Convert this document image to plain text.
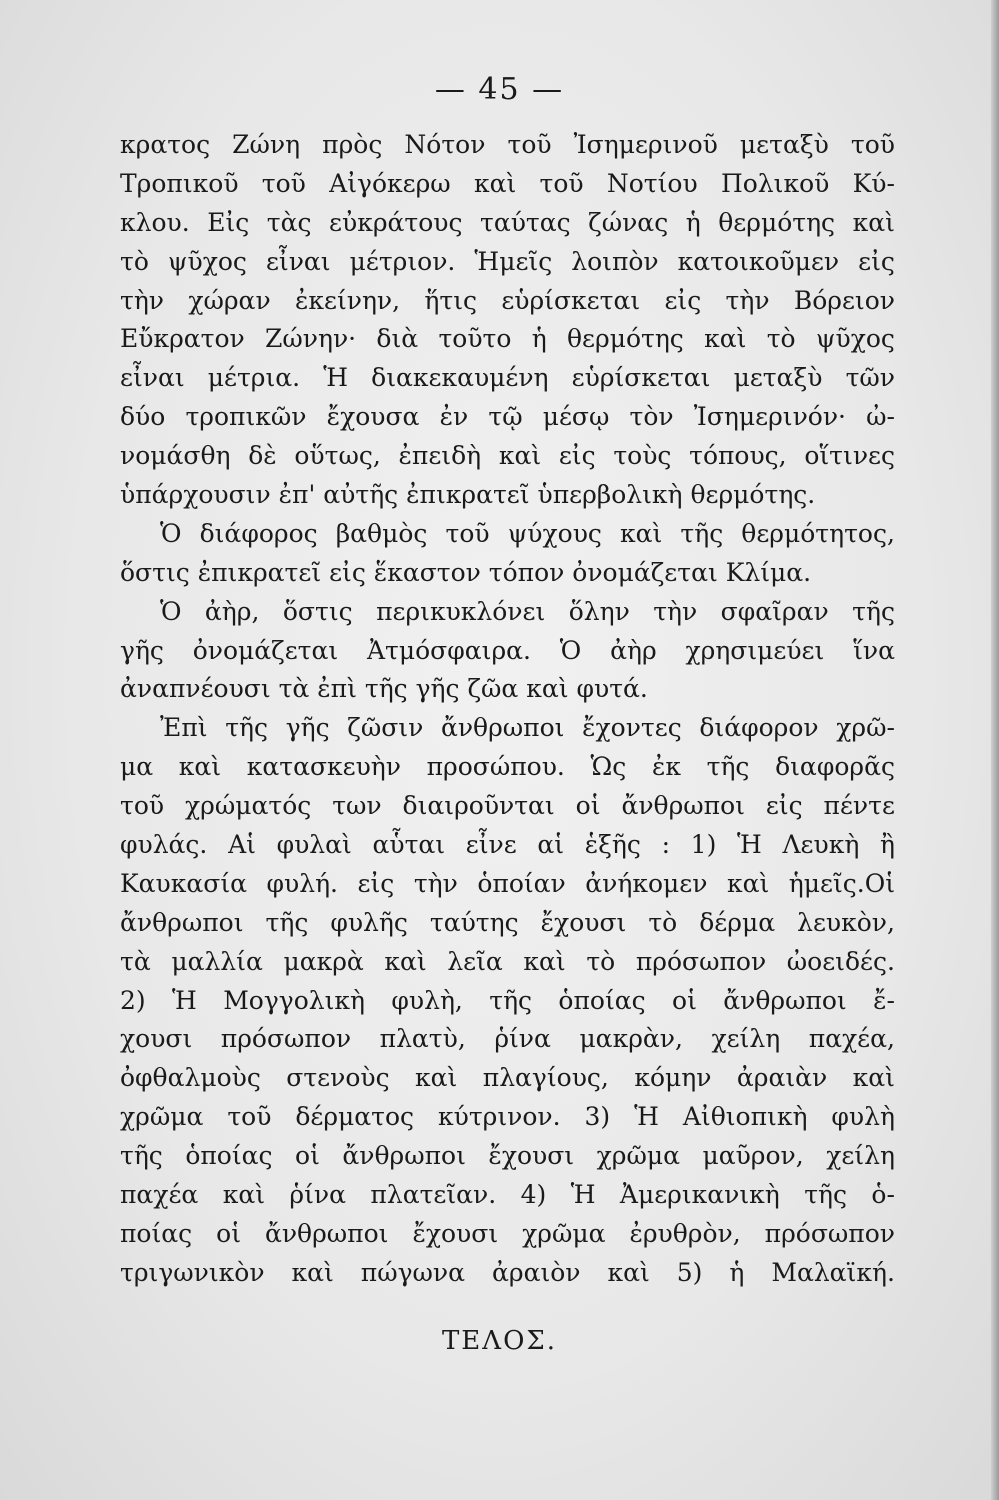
— 45 —
κρατος Ζώνη πρὸς Νότον τοῦ Ἰσημερινοῦ μεταξὺ τοῦ
Τροπικοῦ τοῦ Αἰγόκερω καὶ τοῦ Νοτίου Πολικοῦ Κύ-
κλου. Εἰς τὰς εὐκράτους ταύτας ζώνας ἡ θερμότης καὶ
τὸ ψῦχος εἶναι μέτριον. Ἡμεῖς λοιπὸν κατοικοῦμεν εἰς
τὴν χώραν ἐκείνην, ἥτις εὑρίσκεται εἰς τὴν Βόρειον
Εὔκρατον Ζώνην· διὰ τοῦτο ἡ θερμότης καὶ τὸ ψῦχος
εἶναι μέτρια. Ἡ διακεκαυμένη εὑρίσκεται μεταξὺ τῶν
δύο τροπικῶν ἔχουσα ἐν τῷ μέσῳ τὸν Ἰσημερινόν· ὠ-
νομάσθη δὲ οὕτως, ἐπειδὴ καὶ εἰς τοὺς τόπους, οἵτινες
ὑπάρχουσιν ἐπ' αὐτῆς ἐπικρατεῖ ὑπερβολικὴ θερμότης.
Ὁ διάφορος βαθμὸς τοῦ ψύχους καὶ τῆς θερμότητος,
ὅστις ἐπικρατεῖ εἰς ἕκαστον τόπον ὀνομάζεται Κλίμα.
Ὁ ἀὴρ, ὅστις περικυκλόνει ὅλην τὴν σφαῖραν τῆς
γῆς ὀνομάζεται Ἀτμόσφαιρα. Ὁ ἀὴρ χρησιμεύει ἵνα
ἀναπνέουσι τὰ ἐπὶ τῆς γῆς ζῶα καὶ φυτά.
Ἐπὶ τῆς γῆς ζῶσιν ἄνθρωποι ἔχοντες διάφορον χρῶ-
μα καὶ κατασκευὴν προσώπου. Ὡς ἐκ τῆς διαφορᾶς
τοῦ χρώματός των διαιροῦνται οἱ ἄνθρωποι εἰς πέντε
φυλάς. Αἱ φυλαὶ αὗται εἶνε αἱ ἑξῆς : 1) Ἡ Λευκὴ ἢ
Καυκασία φυλή. εἰς τὴν ὁποίαν ἀνήκομεν καὶ ἡμεῖς.Οἱ
ἄνθρωποι τῆς φυλῆς ταύτης ἔχουσι τὸ δέρμα λευκὸν,
τὰ μαλλία μακρὰ καὶ λεῖα καὶ τὸ πρόσωπον ὠοειδές.
2) Ἡ Μογγολικὴ φυλὴ, τῆς ὁποίας οἱ ἄνθρωποι ἔ-
χουσι πρόσωπον πλατὺ, ῥίνα μακρὰν, χείλη παχέα,
ὀφθαλμοὺς στενοὺς καὶ πλαγίους, κόμην ἀραιὰν καὶ
χρῶμα τοῦ δέρματος κύτρινον. 3) Ἡ Αἰθιοπικὴ φυλὴ
τῆς ὁποίας οἱ ἄνθρωποι ἔχουσι χρῶμα μαῦρον, χείλη
παχέα καὶ ῥίνα πλατεῖαν. 4) Ἡ Ἀμερικανικὴ τῆς ὁ-
ποίας οἱ ἄνθρωποι ἔχουσι χρῶμα ἐρυθρὸν, πρόσωπον
τριγωνικὸν καὶ πώγωνα ἀραιὸν καὶ 5) ἡ Μαλαϊκή.
ΤΕΛΟΣ.
